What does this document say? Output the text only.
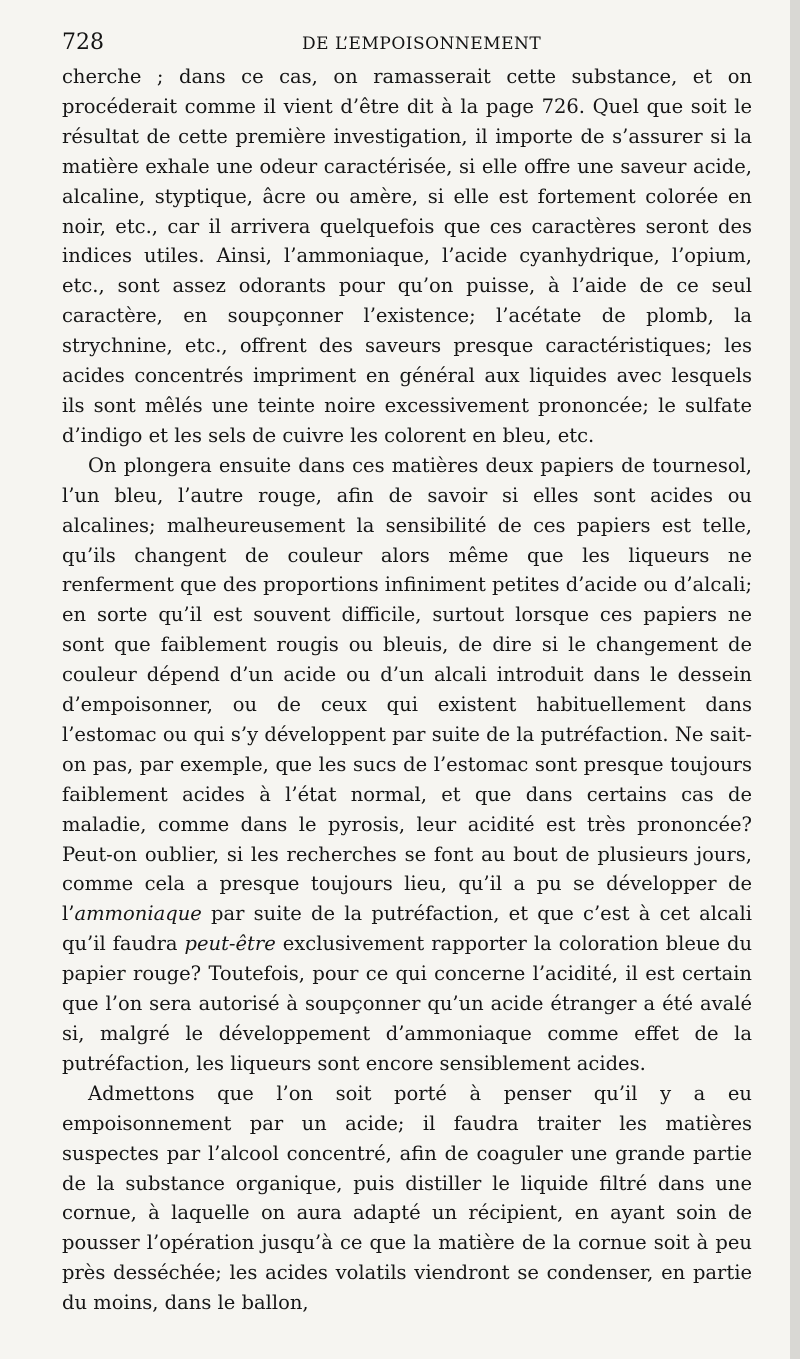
728	DE L’EMPOISONNEMENT

cherche ; dans ce cas, on ramasserait cette substance, et on procéderait comme il vient d’être dit à la page 726. Quel que soit le résultat de cette première investigation, il importe de s’assurer si la matière exhale une odeur caractérisée, si elle offre une saveur acide, alcaline, styptique, âcre ou amère, si elle est fortement colorée en noir, etc., car il arrivera quelquefois que ces caractères seront des indices utiles. Ainsi, l’ammoniaque, l’acide cyanhydrique, l’opium, etc., sont assez odorants pour qu’on puisse, à l’aide de ce seul caractère, en soupçonner l’existence; l’acétate de plomb, la strychnine, etc., offrent des saveurs presque caractéristiques; les acides concentrés impriment en général aux liquides avec lesquels ils sont mêlés une teinte noire excessivement prononcée; le sulfate d’indigo et les sels de cuivre les colorent en bleu, etc.

On plongera ensuite dans ces matières deux papiers de tournesol, l’un bleu, l’autre rouge, afin de savoir si elles sont acides ou alcalines; malheureusement la sensibilité de ces papiers est telle, qu’ils changent de couleur alors même que les liqueurs ne renferment que des proportions infiniment petites d’acide ou d’alcali; en sorte qu’il est souvent difficile, surtout lorsque ces papiers ne sont que faiblement rougis ou bleuis, de dire si le changement de couleur dépend d’un acide ou d’un alcali introduit dans le dessein d’empoisonner, ou de ceux qui existent habituellement dans l’estomac ou qui s’y développent par suite de la putréfaction. Ne sait-on pas, par exemple, que les sucs de l’estomac sont presque toujours faiblement acides à l’état normal, et que dans certains cas de maladie, comme dans le pyrosis, leur acidité est très prononcée? Peut-on oublier, si les recherches se font au bout de plusieurs jours, comme cela a presque toujours lieu, qu’il a pu se développer de l’ammoniaque par suite de la putréfaction, et que c’est à cet alcali qu’il faudra peut-être exclusivement rapporter la coloration bleue du papier rouge? Toutefois, pour ce qui concerne l’acidité, il est certain que l’on sera autorisé à soupçonner qu’un acide étranger a été avalé si, malgré le développement d’ammoniaque comme effet de la putréfaction, les liqueurs sont encore sensiblement acides.

Admettons que l’on soit porté à penser qu’il y a eu empoisonnement par un acide; il faudra traiter les matières suspectes par l’alcool concentré, afin de coaguler une grande partie de la substance organique, puis distiller le liquide filtré dans une cornue, à laquelle on aura adapté un récipient, en ayant soin de pousser l’opération jusqu’à ce que la matière de la cornue soit à peu près desséchée; les acides volatils viendront se condenser, en partie du moins, dans le ballon,
